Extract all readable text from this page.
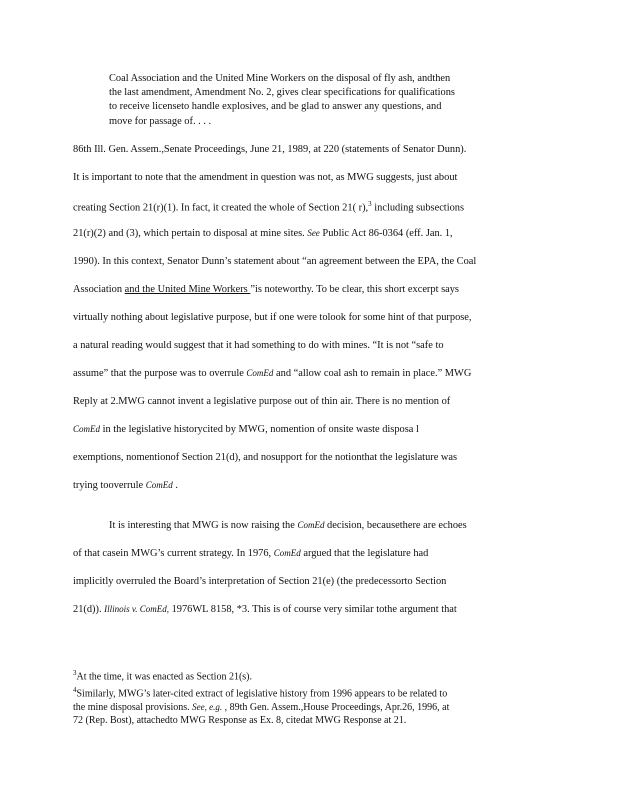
Coal Association and the United Mine Workers on the disposal of fly ash, andthen
the last amendment, Amendment No. 2, gives clear specifications for qualifications
to receive licenseto handle explosives, and be glad to answer any questions, and
move for passage of. . . .
86th Ill. Gen. Assem.,Senate Proceedings, June 21, 1989, at 220 (statements of Senator Dunn).
It is important to note that the amendment in question was not, as MWG suggests, just about
creating Section 21(r)(1). In fact, it created the whole of Section 21( r),$^3$ including subsections
21(r)(2) and (3), which pertain to disposal at mine sites. See Public Act 86-0364 (eff. Jan. 1,
1990). In this context, Senator Dunn’s statement about “an agreement between the EPA, the Coal
Association and the United Mine Workers ”is noteworthy. To be clear, this short excerpt says
virtually nothing about legislative purpose, but if one were tolook for some hint of that purpose,
a natural reading would suggest that it had something to do with mines. “It is not “safe to
assume” that the purpose was to overrule ComEd and “allow coal ash to remain in place.” MWG
Reply at 2.MWG cannot invent a legislative purpose out of thin air. There is no mention of
ComEd in the legislative historycited by MWG, nomention of onsite waste disposa l
exemptions, nomentionof Section 21(d), and nosupport for the notionthat the legislature was
trying tooverrule ComEd .
It is interesting that MWG is now raising the ComEd decision, becausethere are echoes
of that casein MWG’s current strategy. In 1976, ComEd argued that the legislature had
implicitly overruled the Board’s interpretation of Section 21(e) (the predecessorto Section
21(d)). Illinois v. ComEd, 1976WL 8158, *3. This is of course very similar tothe argument that
$^3$At the time, it was enacted as Section 21(s).
$^4$Similarly, MWG’s later-cited extract of legislative history from 1996 appears to be related to
the mine disposal provisions. See, e.g. , 89th Gen. Assem.,House Proceedings, Apr.26, 1996, at
72 (Rep. Bost), attachedto MWG Response as Ex. 8, citedat MWG Response at 21.
